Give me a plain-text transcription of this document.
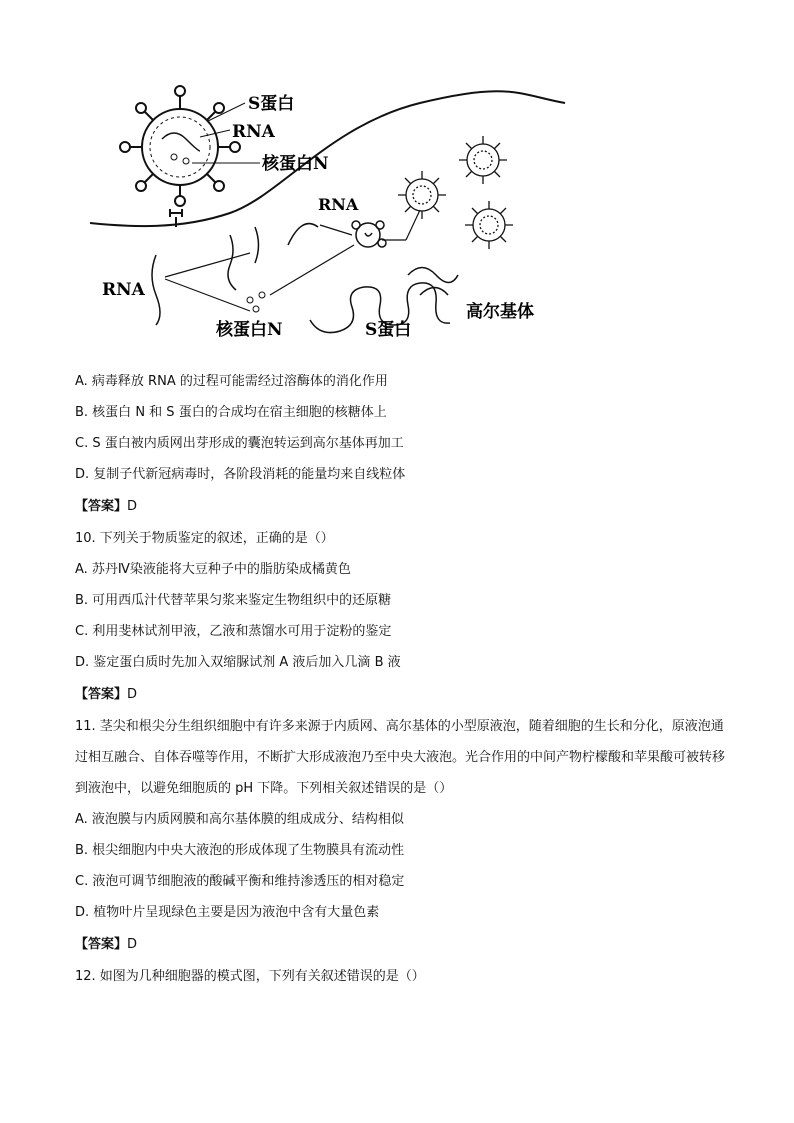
S蛋白
RNA
核蛋白N
RNA
RNA
核蛋白N	S蛋白
高尔基体
A. 病毒释放 RNA 的过程可能需经过溶酶体的消化作用
B. 核蛋白 N 和 S 蛋白的合成均在宿主细胞的核糖体上
C. S 蛋白被内质网出芽形成的囊泡转运到高尔基体再加工
D. 复制子代新冠病毒时，各阶段消耗的能量均来自线粒体
【答案】D
10. 下列关于物质鉴定的叙述，正确的是（）
A. 苏丹Ⅳ染液能将大豆种子中的脂肪染成橘黄色
B. 可用西瓜汁代替苹果匀浆来鉴定生物组织中的还原糖
C. 利用斐林试剂甲液，乙液和蒸馏水可用于淀粉的鉴定
D. 鉴定蛋白质时先加入双缩脲试剂 A 液后加入几滴 B 液
【答案】D
11. 茎尖和根尖分生组织细胞中有许多来源于内质网、高尔基体的小型原液泡，随着细胞的生长和分化，原液泡通过相互融合、自体吞噬等作用，不断扩大形成液泡乃至中央大液泡。光合作用的中间产物柠檬酸和苹果酸可被转移到液泡中，以避免细胞质的 pH 下降。下列相关叙述错误的是（）
A. 液泡膜与内质网膜和高尔基体膜的组成成分、结构相似
B. 根尖细胞内中央大液泡的形成体现了生物膜具有流动性
C. 液泡可调节细胞液的酸碱平衡和维持渗透压的相对稳定
D. 植物叶片呈现绿色主要是因为液泡中含有大量色素
【答案】D
12. 如图为几种细胞器的模式图，下列有关叙述错误的是（）
